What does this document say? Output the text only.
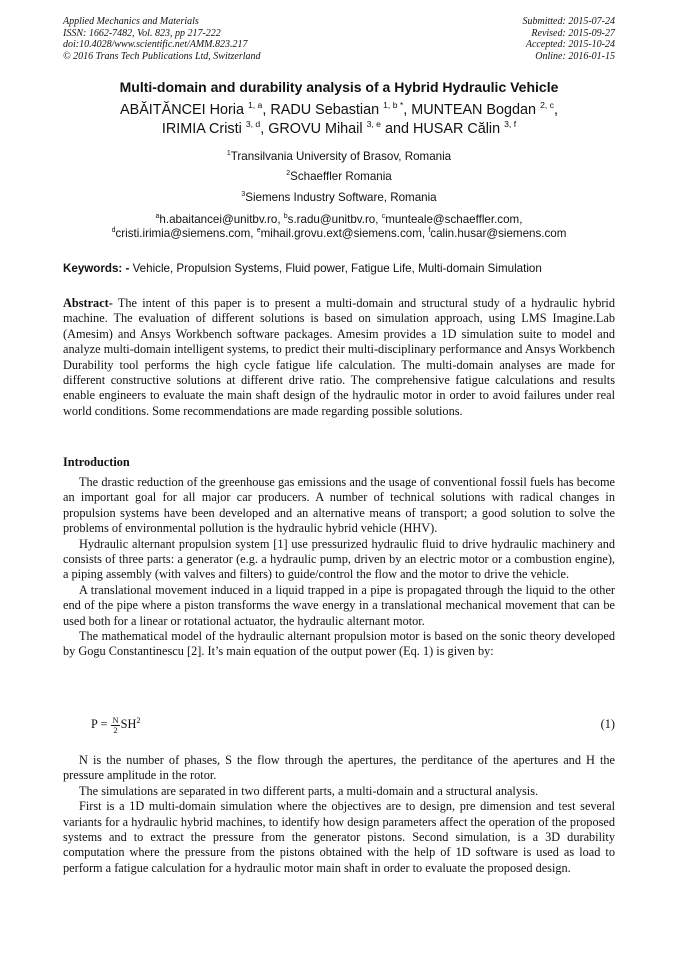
Applied Mechanics and Materials
ISSN: 1662-7482, Vol. 823, pp 217-222
doi:10.4028/www.scientific.net/AMM.823.217
© 2016 Trans Tech Publications Ltd, Switzerland
Submitted: 2015-07-24
Revised: 2015-09-27
Accepted: 2015-10-24
Online: 2016-01-15
Multi-domain and durability analysis of a Hybrid Hydraulic Vehicle
ABĂITĂNCEI Horia $^{1, a}$, RADU Sebastian $^{1, b *}$, MUNTEAN Bogdan $^{2, c}$,
IRIMIA Cristi $^{3, d}$, GROVU Mihail $^{3, e}$ and HUSAR Călin $^{3, f}$
$^1$Transilvania University of Brasov, Romania
$^2$Schaeffler Romania
$^3$Siemens Industry Software, Romania
$^a$h.abaitancei@unitbv.ro, $^b$s.radu@unitbv.ro, $^c$munteale@schaeffler.com,
$^d$cristi.irimia@siemens.com, $^e$mihail.grovu.ext@siemens.com, $^f$calin.husar@siemens.com
Keywords: - Vehicle, Propulsion Systems, Fluid power, Fatigue Life, Multi-domain Simulation
Abstract- The intent of this paper is to present a multi-domain and structural study of a hydraulic hybrid machine. The evaluation of different solutions is based on simulation approach, using LMS Imagine.Lab (Amesim) and Ansys Workbench software packages. Amesim provides a 1D simulation suite to model and analyze multi-domain intelligent systems, to predict their multi-disciplinary performance and Ansys Workbench Durability tool performs the high cycle fatigue life calculation. The multi-domain analyses are made for different constructive solutions at different drive ratio. The comprehensive fatigue calculations and results enable engineers to evaluate the main shaft design of the hydraulic motor in order to avoid failures under real world conditions. Some recommendations are made regarding possible solutions.
Introduction

The drastic reduction of the greenhouse gas emissions and the usage of conventional fossil fuels has become an important goal for all major car producers. A number of technical solutions with radical changes in propulsion systems have been developed and an alternative means of transport; a good solution to solve the problems of environmental pollution is the hydraulic hybrid vehicle (HHV).

Hydraulic alternant propulsion system [1] use pressurized hydraulic fluid to drive hydraulic machinery and consists of three parts: a generator (e.g. a hydraulic pump, driven by an electric motor or a combustion engine), a piping assembly (with valves and filters) to guide/control the flow and the motor to drive the vehicle.

A translational movement induced in a liquid trapped in a pipe is propagated through the liquid to the other end of the pipe where a piston transforms the wave energy in a translational mechanical movement that can be used both for a linear or rotational actuator, the hydraulic alternant motor.

The mathematical model of the hydraulic alternant propulsion motor is based on the sonic theory developed by Gogu Constantinescu [2]. It’s main equation of the output power (Eq. 1) is given by:

$P = \frac{N}{2} SH^2$	(1)

N is the number of phases, S the flow through the apertures, the perditance of the apertures and H the pressure amplitude in the rotor.

The simulations are separated in two different parts, a multi-domain and a structural analysis.

First is a 1D multi-domain simulation where the objectives are to design, pre dimension and test several variants for a hydraulic hybrid machines, to identify how design parameters affect the operation of the proposed systems and to extract the pressure from the generator pistons. Second simulation, is a 3D durability computation where the pressure from the pistons obtained with the help of 1D software is used as load to perform a fatigue calculation for a hydraulic motor main shaft in order to evaluate the proposed design.
